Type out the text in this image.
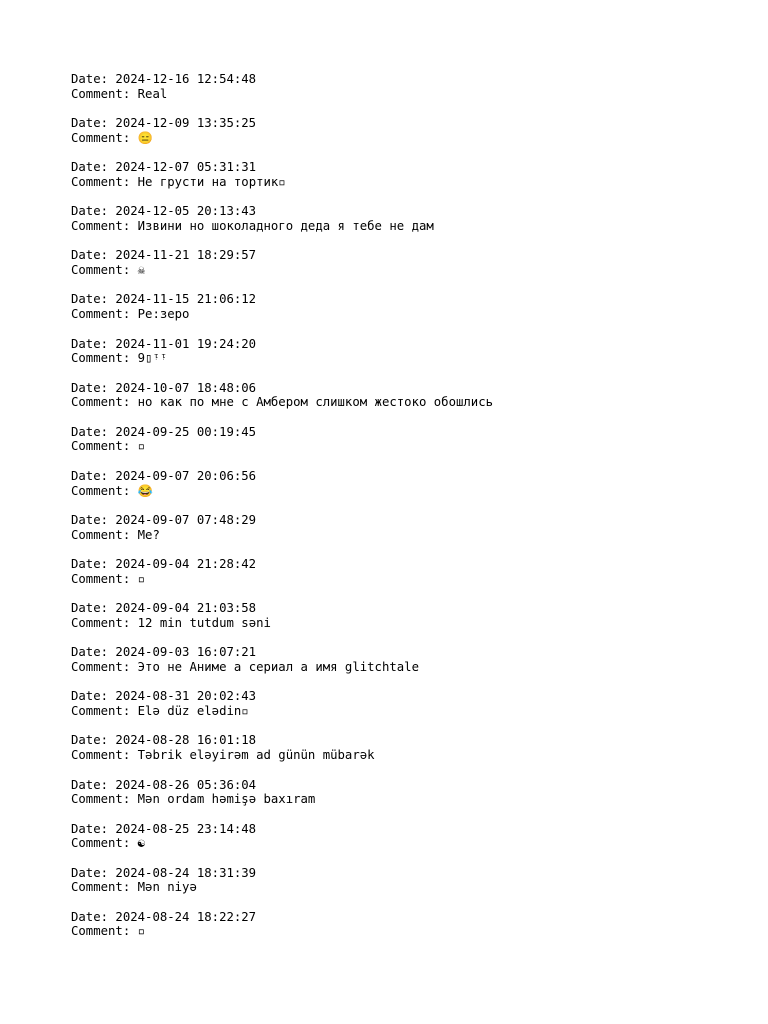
Date: 2024-12-16 12:54:48
Comment: Real
Date: 2024-12-09 13:35:25
Comment: 😑
Date: 2024-12-07 05:31:31
Comment: Не грусти на тортик▫
Date: 2024-12-05 20:13:43
Comment: Извини но шоколадного деда я тебе не дам
Date: 2024-11-21 18:29:57
Comment: ☠
Date: 2024-11-15 21:06:12
Comment: Ре:зеро
Date: 2024-11-01 19:24:20
Comment: 9▯ᵎᵎ
Date: 2024-10-07 18:48:06
Comment: но как по мне с Амбером слишком жестоко обошлись
Date: 2024-09-25 00:19:45
Comment: ▫
Date: 2024-09-07 20:06:56
Comment: 😂
Date: 2024-09-07 07:48:29
Comment: Me?
Date: 2024-09-04 21:28:42
Comment: ▫
Date: 2024-09-04 21:03:58
Comment: 12 min tutdum səni
Date: 2024-09-03 16:07:21
Comment: Это не Аниме а сериал а имя glitchtale
Date: 2024-08-31 20:02:43
Comment: Elə düz elədin▫
Date: 2024-08-28 16:01:18
Comment: Təbrik eləyirəm ad günün mübarək
Date: 2024-08-26 05:36:04
Comment: Mən ordam həmişə baxıram
Date: 2024-08-25 23:14:48
Comment: ☯
Date: 2024-08-24 18:31:39
Comment: Mən niyə
Date: 2024-08-24 18:22:27
Comment: ▫
